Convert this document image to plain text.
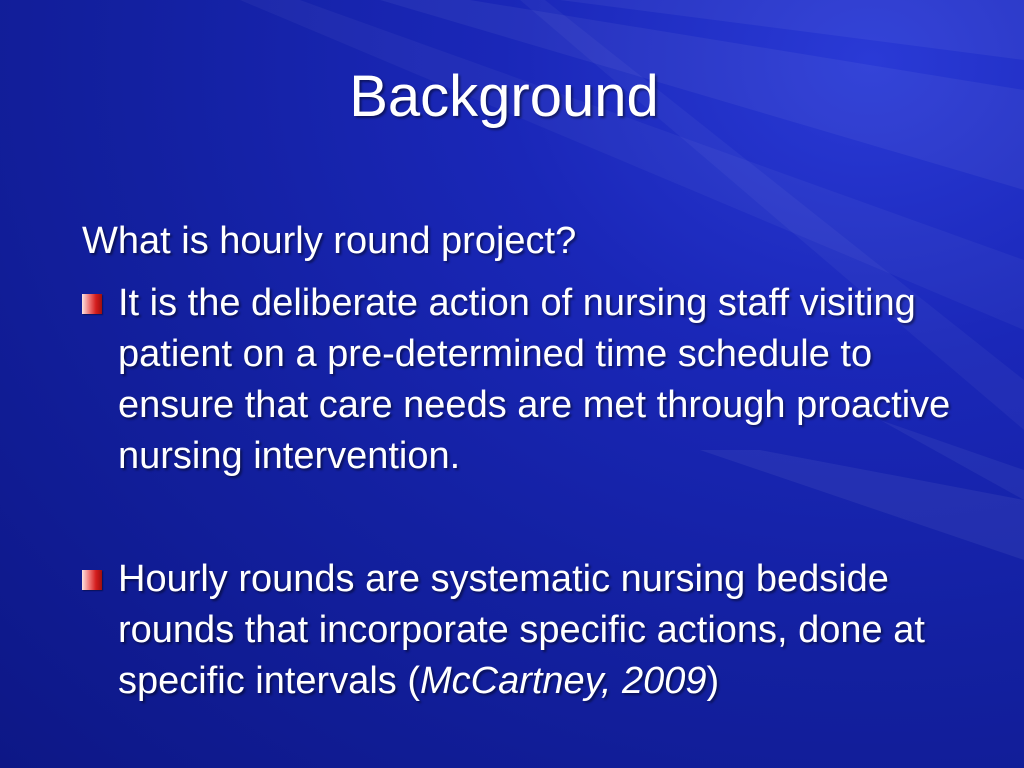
Background
What is hourly round project?
It is the deliberate action of nursing staff visiting patient on a pre-determined time schedule to ensure that care needs are met through proactive nursing intervention.
Hourly rounds are systematic nursing bedside rounds that incorporate specific actions, done at specific intervals (McCartney, 2009)
